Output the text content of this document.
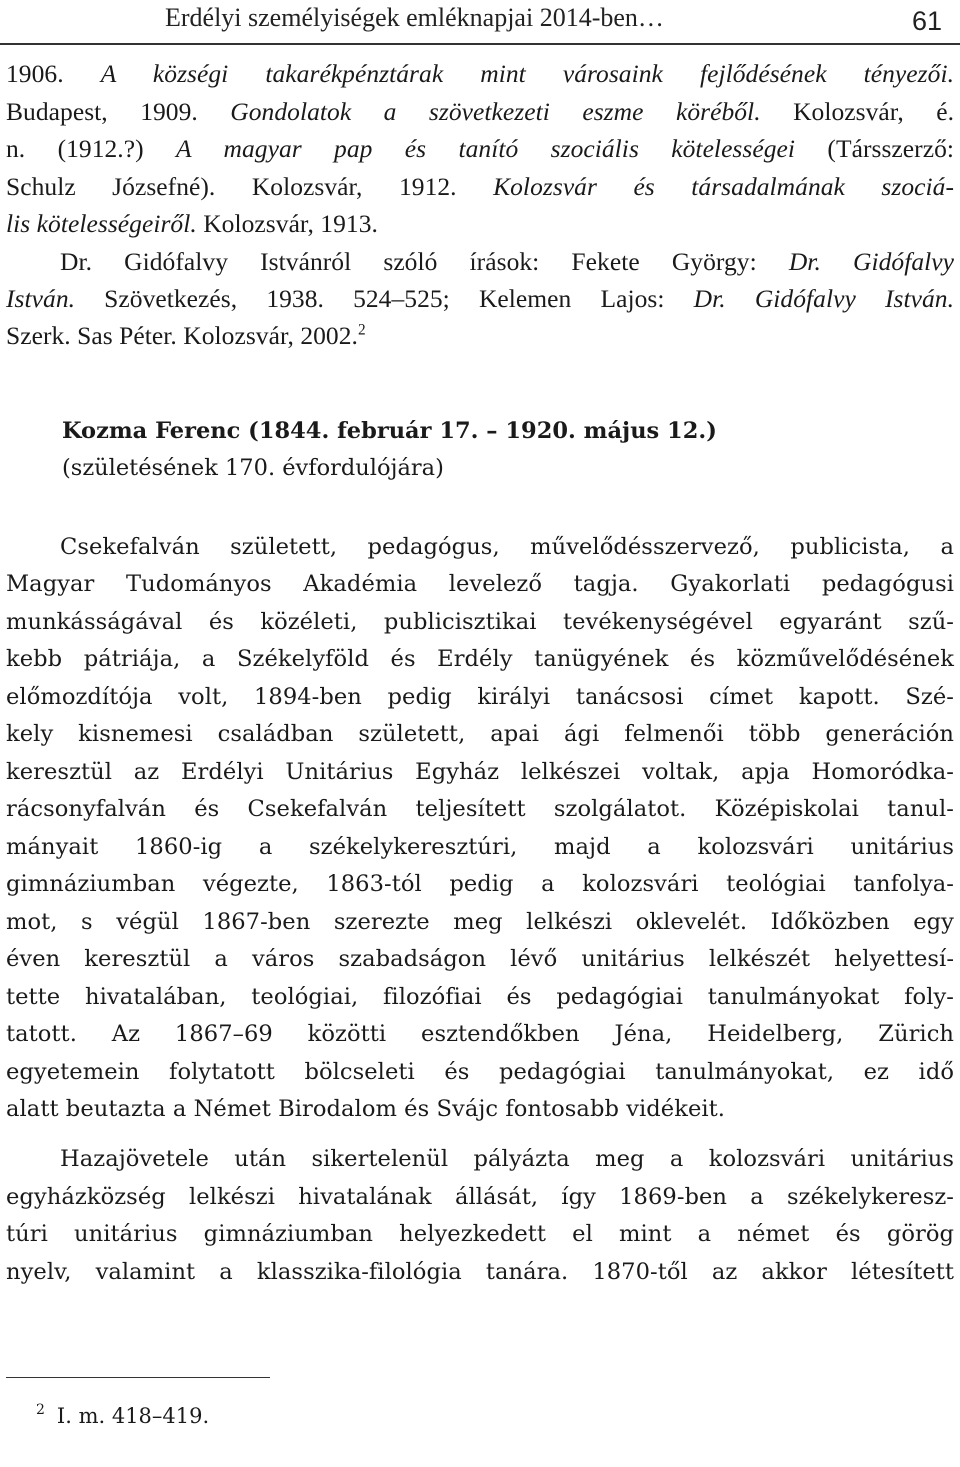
Erdélyi személyiségek emléknapjai 2014-ben…	61
1906. A községi takarékpénztárak mint városaink fejlődésének tényezői.
Budapest, 1909. Gondolatok a szövetkezeti eszme köréből. Kolozsvár, é.
n. (1912.?) A magyar pap és tanító szociális kötelességei (Társszerző:
Schulz Józsefné). Kolozsvár, 1912. Kolozsvár és társadalmának szociá-
lis kötelességeiről. Kolozsvár, 1913.
Dr. Gidófalvy Istvánról szóló írások: Fekete György: Dr. Gidófalvy
István. Szövetkezés, 1938. 524–525; Kelemen Lajos: Dr. Gidófalvy István.
Szerk. Sas Péter. Kolozsvár, 2002.$^2$
Kozma Ferenc (1844. február 17. – 1920. május 12.)
(születésének 170. évfordulójára)
Csekefalván született, pedagógus, művelődésszervező, publicista, a
Magyar Tudományos Akadémia levelező tagja. Gyakorlati pedagógusi
munkásságával és közéleti, publicisztikai tevékenységével egyaránt szű-
kebb pátriája, a Székelyföld és Erdély tanügyének és közművelődésének
előmozdítója volt, 1894-ben pedig királyi tanácsosi címet kapott. Szé-
kely kisnemesi családban született, apai ági felmenői több generáción
keresztül az Erdélyi Unitárius Egyház lelkészei voltak, apja Homoródka-
rácsonyfalván és Csekefalván teljesített szolgálatot. Középiskolai tanul-
mányait 1860-ig a székelykeresztúri, majd a kolozsvári unitárius
gimnáziumban végezte, 1863-tól pedig a kolozsvári teológiai tanfolya-
mot, s végül 1867-ben szerezte meg lelkészi oklevelét. Időközben egy
éven keresztül a város szabadságon lévő unitárius lelkészét helyettesí-
tette hivatalában, teológiai, filozófiai és pedagógiai tanulmányokat foly-
tatott. Az 1867–69 közötti esztendőkben Jéna, Heidelberg, Zürich
egyetemein folytatott bölcseleti és pedagógiai tanulmányokat, ez idő
alatt beutazta a Német Birodalom és Svájc fontosabb vidékeit.
Hazajövetele után sikertelenül pályázta meg a kolozsvári unitárius
egyházközség lelkészi hivatalának állását, így 1869-ben a székelykeresz-
túri unitárius gimnáziumban helyezkedett el mint a német és görög
nyelv, valamint a klasszika-filológia tanára. 1870-től az akkor létesített
$^2$ I. m. 418–419.
